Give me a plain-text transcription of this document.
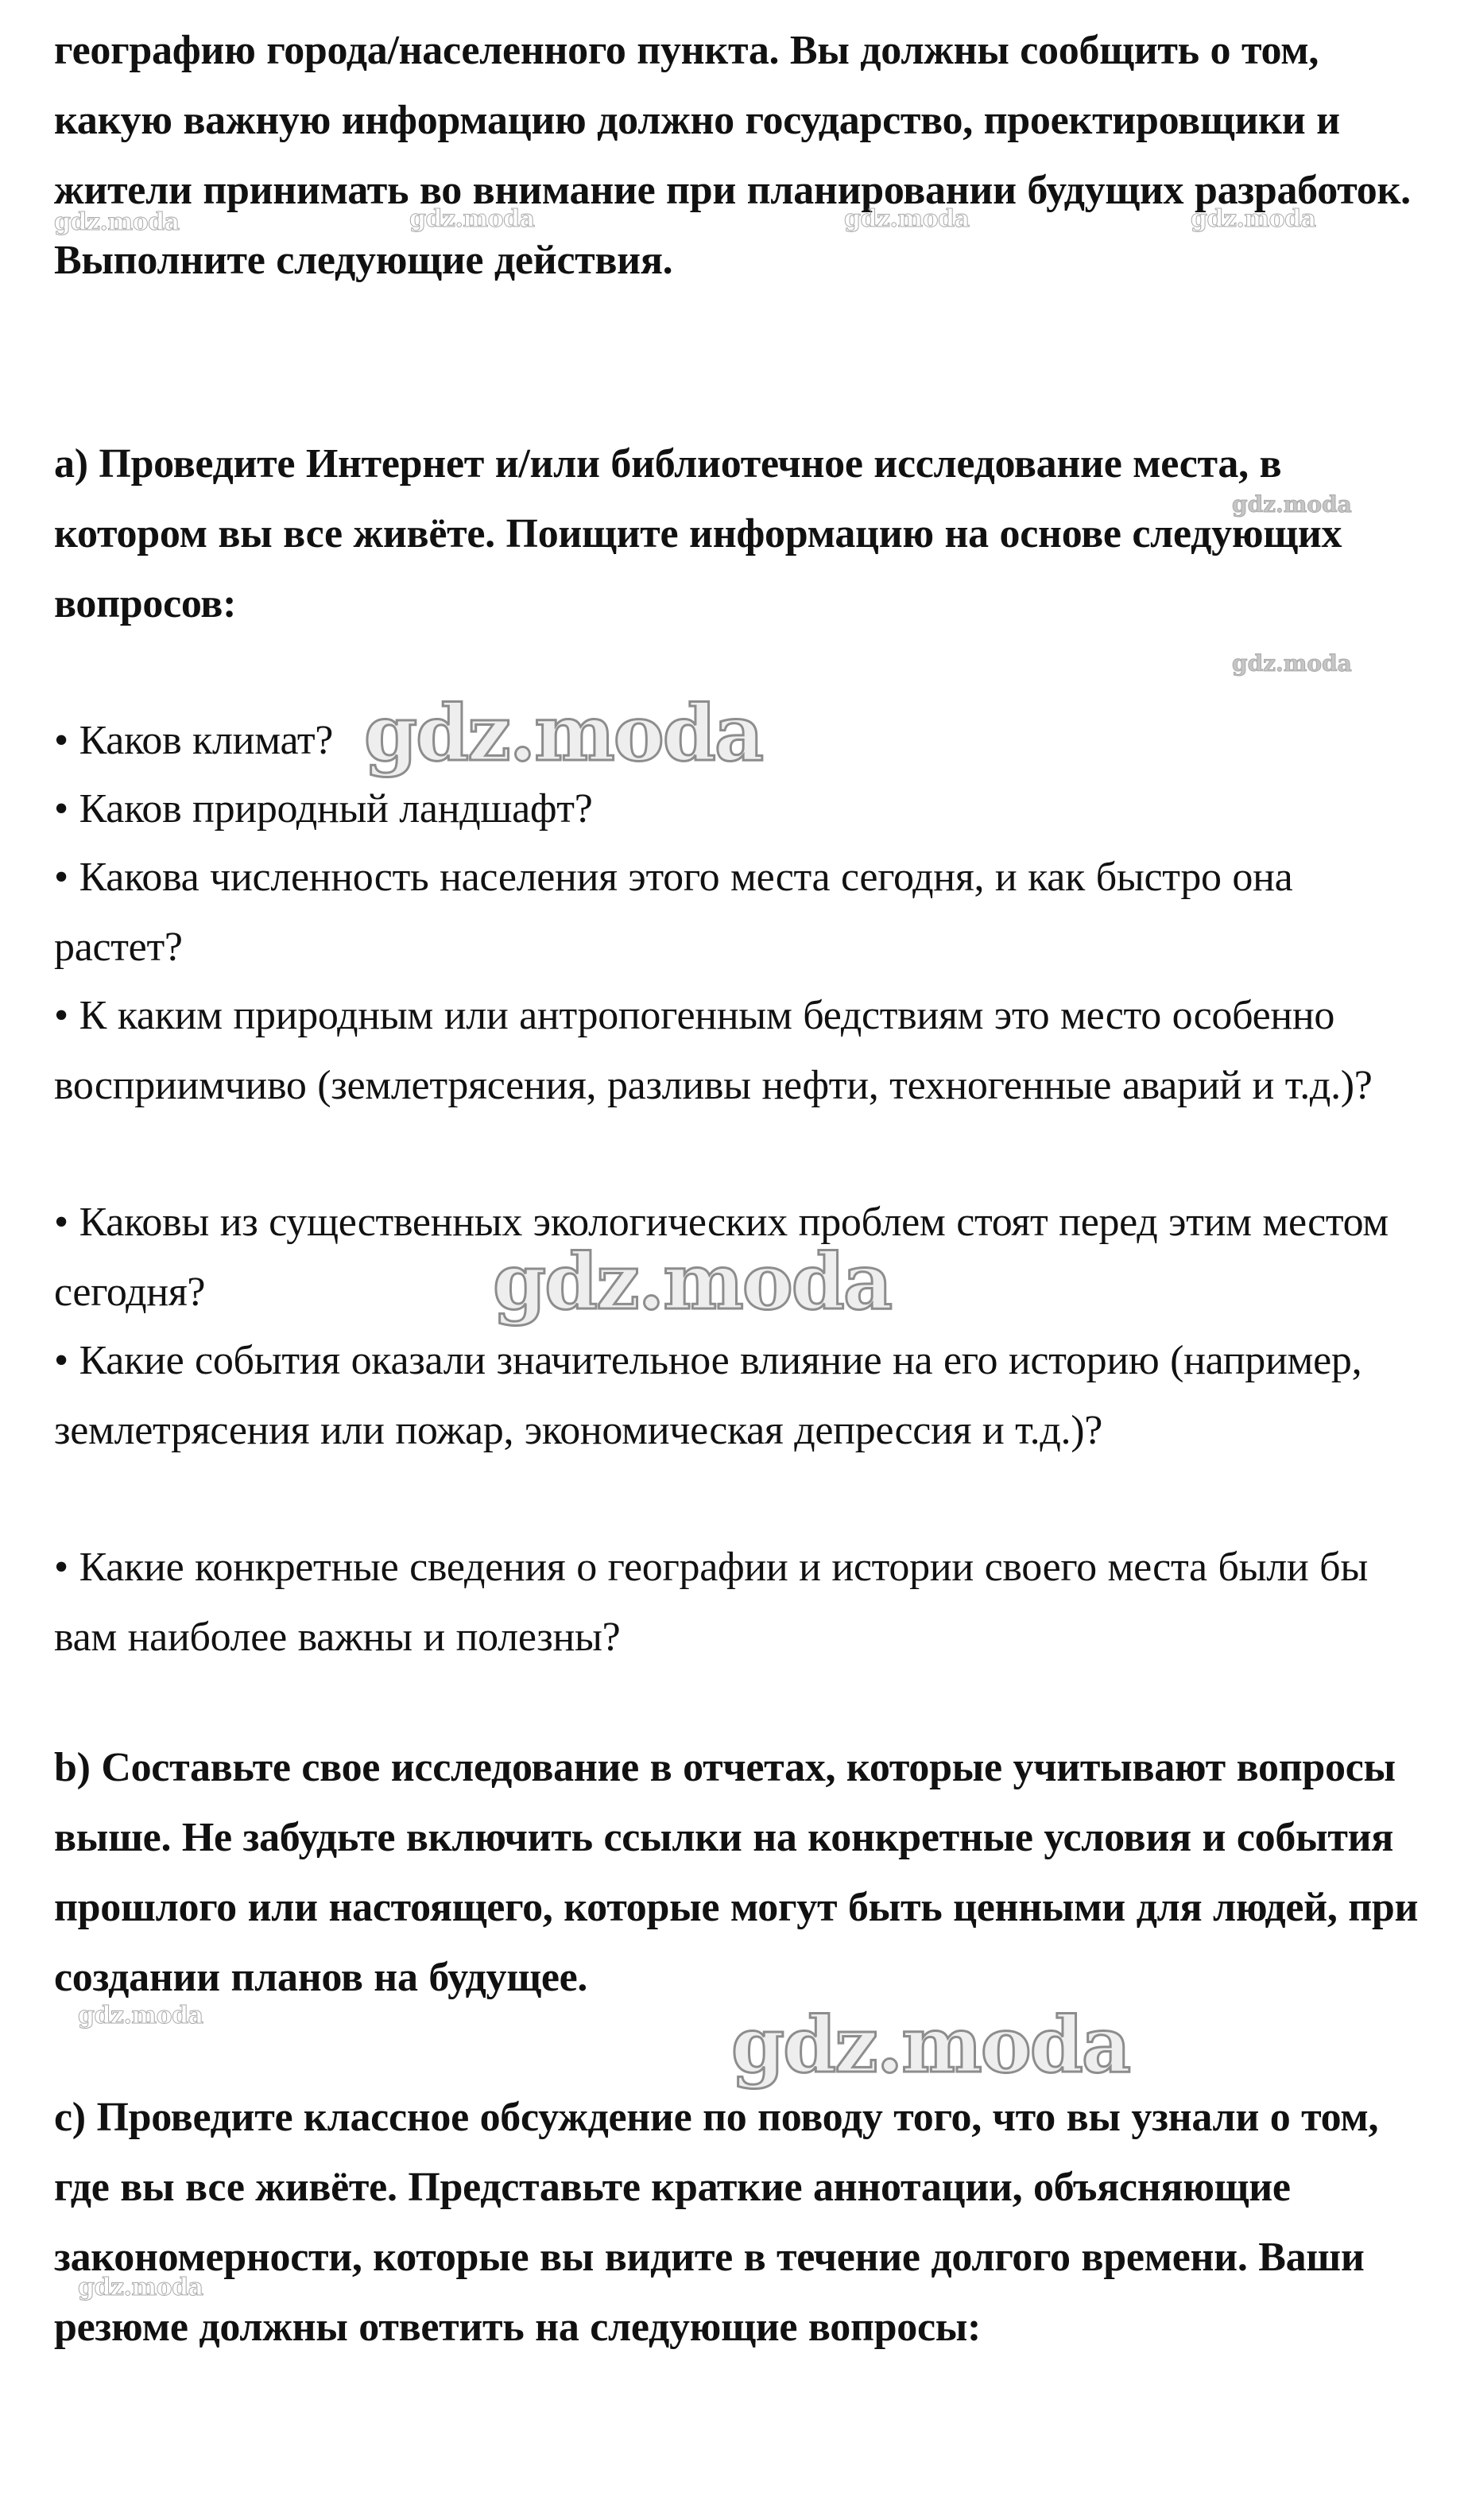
географию города/населенного пункта. Вы должны сообщить о том, какую важную информацию должно государство, проектировщики и жители принимать во внимание при планировании будущих разработок. Выполните следующие действия.

а) Проведите Интернет и/или библиотечное исследование места, в котором вы все живёте. Поищите информацию на основе следующих вопросов:

• Каков климат?

• Каков природный ландшафт?

• Какова численность населения этого места сегодня, и как быстро она растет?

• К каким природным или антропогенным бедствиям это место особенно восприимчиво (землетрясения, разливы нефти, техногенные аварий и т.д.)?

• Каковы из существенных экологических проблем стоят перед этим местом сегодня?

• Какие события оказали значительное влияние на его историю (например, землетрясения или пожар, экономическая депрессия и т.д.)?

• Какие конкретные сведения о географии и истории своего места были бы вам наиболее важны и полезны?

b) Составьте свое исследование в отчетах, которые учитывают вопросы выше. Не забудьте включить ссылки на конкретные условия и события прошлого или настоящего, которые могут быть ценными для людей, при создании планов на будущее.

c) Проведите классное обсуждение по поводу того, что вы узнали о том, где вы все живёте. Представьте краткие аннотации, объясняющие закономерности, которые вы видите в течение долгого времени. Ваши резюме должны ответить на следующие вопросы:

gdz.moda	gdz.moda	gdz.moda	gdz.moda
gdz.moda
gdz.moda
gdz.moda
gdz.moda
gdz.moda	gdz.moda
gdz.moda
